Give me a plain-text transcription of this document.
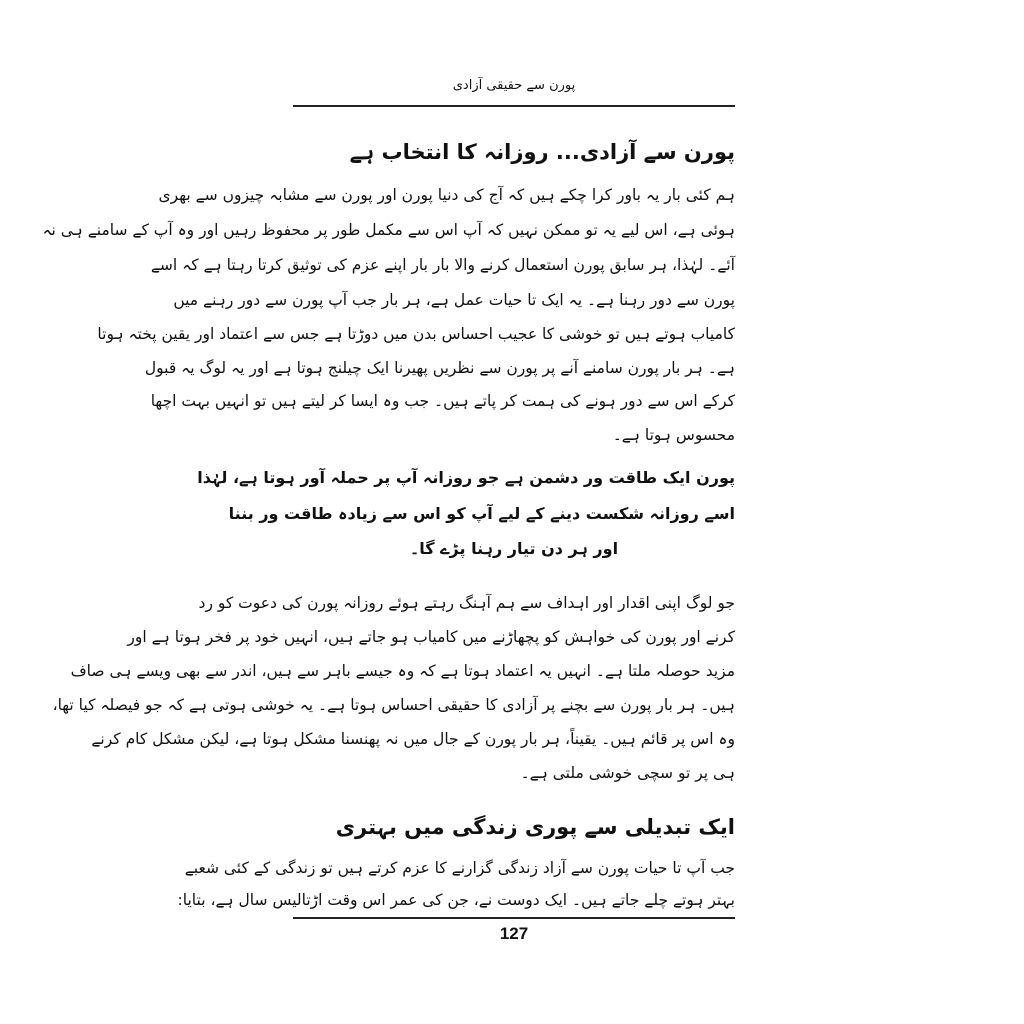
پورن سے حقیقی آزادی
پورن سے آزادی... روزانہ کا انتخاب ہے
ہم کئی بار یہ باور کرا چکے ہیں کہ آج کی دنیا پورن اور پورن سے مشابہ چیزوں سے بھری
ہوئی ہے، اس لیے یہ تو ممکن نہیں کہ آپ اس سے مکمل طور پر محفوظ رہیں اور وہ آپ کے سامنے ہی نہ
آئے۔ لہٰذا، ہر سابق پورن استعمال کرنے والا بار بار اپنے عزم کی توثیق کرتا رہتا ہے کہ اسے
پورن سے دور رہنا ہے۔ یہ ایک تا حیات عمل ہے، ہر بار جب آپ پورن سے دور رہنے میں
کامیاب ہوتے ہیں تو خوشی کا عجیب احساس بدن میں دوڑتا ہے جس سے اعتماد اور یقین پختہ ہوتا
ہے۔ ہر بار پورن سامنے آنے پر پورن سے نظریں پھیرنا ایک چیلنج ہوتا ہے اور یہ لوگ یہ قبول
کرکے اس سے دور ہونے کی ہمت کر پاتے ہیں۔ جب وہ ایسا کر لیتے ہیں تو انہیں بہت اچھا
محسوس ہوتا ہے۔
پورن ایک طاقت ور دشمن ہے جو روزانہ آپ پر حملہ آور ہوتا ہے، لہٰذا
اسے روزانہ شکست دینے کے لیے آپ کو اس سے زیادہ طاقت ور بننا
اور ہر دن تیار رہنا پڑے گا۔
جو لوگ اپنی اقدار اور اہداف سے ہم آہنگ رہتے ہوئے روزانہ پورن کی دعوت کو رد
کرنے اور پورن کی خواہش کو پچھاڑنے میں کامیاب ہو جاتے ہیں، انہیں خود پر فخر ہوتا ہے اور
مزید حوصلہ ملتا ہے۔ انہیں یہ اعتماد ہوتا ہے کہ وہ جیسے باہر سے ہیں، اندر سے بھی ویسے ہی صاف
ہیں۔ ہر بار پورن سے بچنے پر آزادی کا حقیقی احساس ہوتا ہے۔ یہ خوشی ہوتی ہے کہ جو فیصلہ کیا تھا،
وہ اس پر قائم ہیں۔ یقیناً، ہر بار پورن کے جال میں نہ پھنسنا مشکل ہوتا ہے، لیکن مشکل کام کرنے
ہی پر تو سچی خوشی ملتی ہے۔
ایک تبدیلی سے پوری زندگی میں بہتری
جب آپ تا حیات پورن سے آزاد زندگی گزارنے کا عزم کرتے ہیں تو زندگی کے کئی شعبے
بہتر ہوتے چلے جاتے ہیں۔ ایک دوست نے، جن کی عمر اس وقت اڑتالیس سال ہے، بتایا:
127
